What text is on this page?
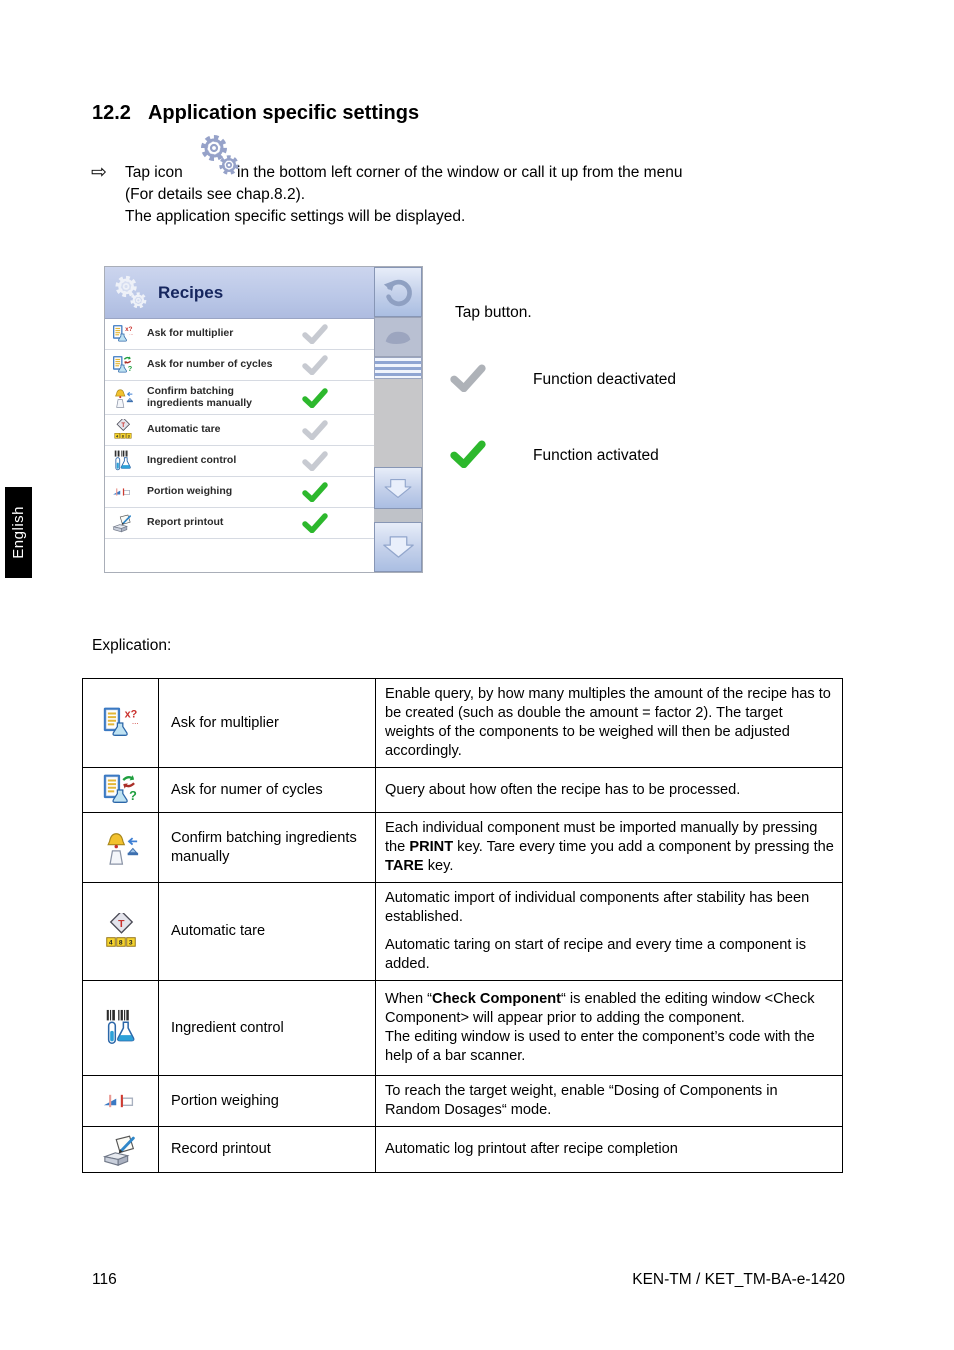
English
12.2 Application specific settings
⇨ Tap icon	in the bottom left corner of the window or call it up from the menu
(For details see chap.8.2).
The application specific settings will be displayed.
Recipes
Ask for multiplier
Ask for number of cycles
Confirm batching ingredients manually
Automatic tare
Ingredient control
Portion weighing
Report printout
Tap button.
Function deactivated
Function activated
Explication:
	Ask for multiplier	Enable query, by how many multiples the amount of the recipe has to be created (such as double the amount = factor 2). The target weights of the components to be weighed will then be adjusted accordingly.

	Ask for numer of cycles	Query about how often the recipe has to be processed.

	Confirm batching ingredients manually	Each individual component must be imported manually by pressing the PRINT key. Tare every time you add a component by pressing the TARE key.

	Automatic tare	Automatic import of individual components after stability has been established.

Automatic taring on start of recipe and every time a component is added.

	Ingredient control	When “Check Component“ is enabled the editing window <Check Component> will appear prior to adding the component.

The editing window is used to enter the component’s code with the help of a bar scanner.

	Portion weighing	To reach the target weight, enable “Dosing of Components in Random Dosages“ mode.

	Record printout	Automatic log printout after recipe completion

116	KEN-TM / KET_TM-BA-e-1420
